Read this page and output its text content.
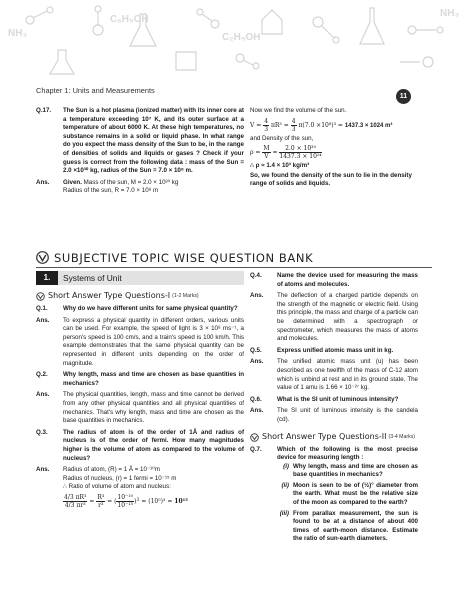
NH₃
C₆H₅OH
C₂H₅OH
NH₃
Chapter 1: Units and Measurements
11
Q.17.	The Sun is a hot plasma (ionized matter) with its inner core at a temperature exceeding 10⁷ K, and its outer surface at a temperature of about 6000 K. At these high temperatures, no substance remains in a solid or liquid phase. In what range do you expect the mass density of the Sun to be, in the range of densities of solids and liquids or gases ? Check if your guess is correct from the following data : mass of the Sun = 2.0 ×10³⁰ kg, radius of the Sun = 7.0 × 10⁸ m.
Ans.	Given. Mass of the sun, M = 2.0 × 10³⁰ kg
Radius of the sun, R = 7.0 × 10⁸ m
Now we find the volume of the sun.
$V = \frac{4}{3} \pi R^3 = \frac{4}{3} \pi(7.0 \times 10^8)^3 = 1437.3 \times 1024$ m³
and Density of the sun,
$\rho = \frac{M}{V} = \frac{\text{2.0 × 10³⁰}}{\text{1437.3 × 10²⁴}}$
∴ ρ ≈ 1.4 × 10³ kg/m³
So, we found the density of the sun to lie in the density range of solids and liquids.
SUBJECTIVE TOPIC WISE QUESTION BANK
1.	Systems of Unit
Short Answer Type Questions-I (1-2 Marks)
Q.1.	Why do we have different units for same physical quantity?
Ans.	To express a physical quantity in different orders, various units can be used. For example, the speed of light is 3 × 10⁸ ms⁻¹, a person's speed is 100 cm/s, and a train's speed is 100 km/h. This example demonstrates that the same physical quantity can be represented in different units depending on the order of magnitude.
Q.2.	Why length, mass and time are chosen as base quantities in mechanics?
Ans.	The physical quantities, length, mass and time cannot be derived from any other physical quantities and all physical quantities of mechanics. That's why length, mass and time are chosen as the base quantities in mechanics.
Q.3.	The radius of atom is of the order of 1Å and radius of nucleus is of the order of fermi. How many magnitudes higher is the volume of atom as compared to the volume of nucleus?
Ans.	Radius of atom, (R) = 1 Å = 10⁻¹⁰m
Radius of nucleus, (r) = 1 fermi = 10⁻¹⁵ m
∴ Ratio of volume of atom and nucleus:
$\frac{\text{4/3 πR³}}{\text{4/3 πr³}} = \frac{\text{R³}}{\text{r³}}$ = ( $\frac{\text{10⁻¹⁰}}{\text{10⁻¹⁵}} )^3 = (10^5)^3 = 10^{15}$
Q.4.	Name the device used for measuring the mass of atoms and molecules.
Ans.	The deflection of a charged particle depends on the strength of the magnetic or electric field. Using this principle, the mass and charge of a particle can be determined with a spectrograph or spectrometer, which measures the mass of atoms and molecules.
Q.5.	Express unified atomic mass unit in kg.
Ans.	The unified atomic mass unit (u) has been described as one twelfth of the mass of C-12 atom which is unbind at rest and in its ground state. The value of 1 amu is 1.66 × 10⁻²⁷ kg.
Q.6.	What is the SI unit of luminous intensity?
Ans.	The SI unit of luminous intensity is the candela (cd).
Short Answer Type Questions-II (3-4 Marks)
Q.7.	Which of the following is the most precise device for measuring length :
(i) Why length, mass and time are chosen as base quantities in mechanics?
(ii) Moon is seen to be of (½)° diameter from the earth. What must be the relative size of the moon as compared to the earth?
(iii) From parallax measurement, the sun is found to be at a distance of about 400 times of earth-moon distance. Estimate the ratio of sun-earth diameters.
